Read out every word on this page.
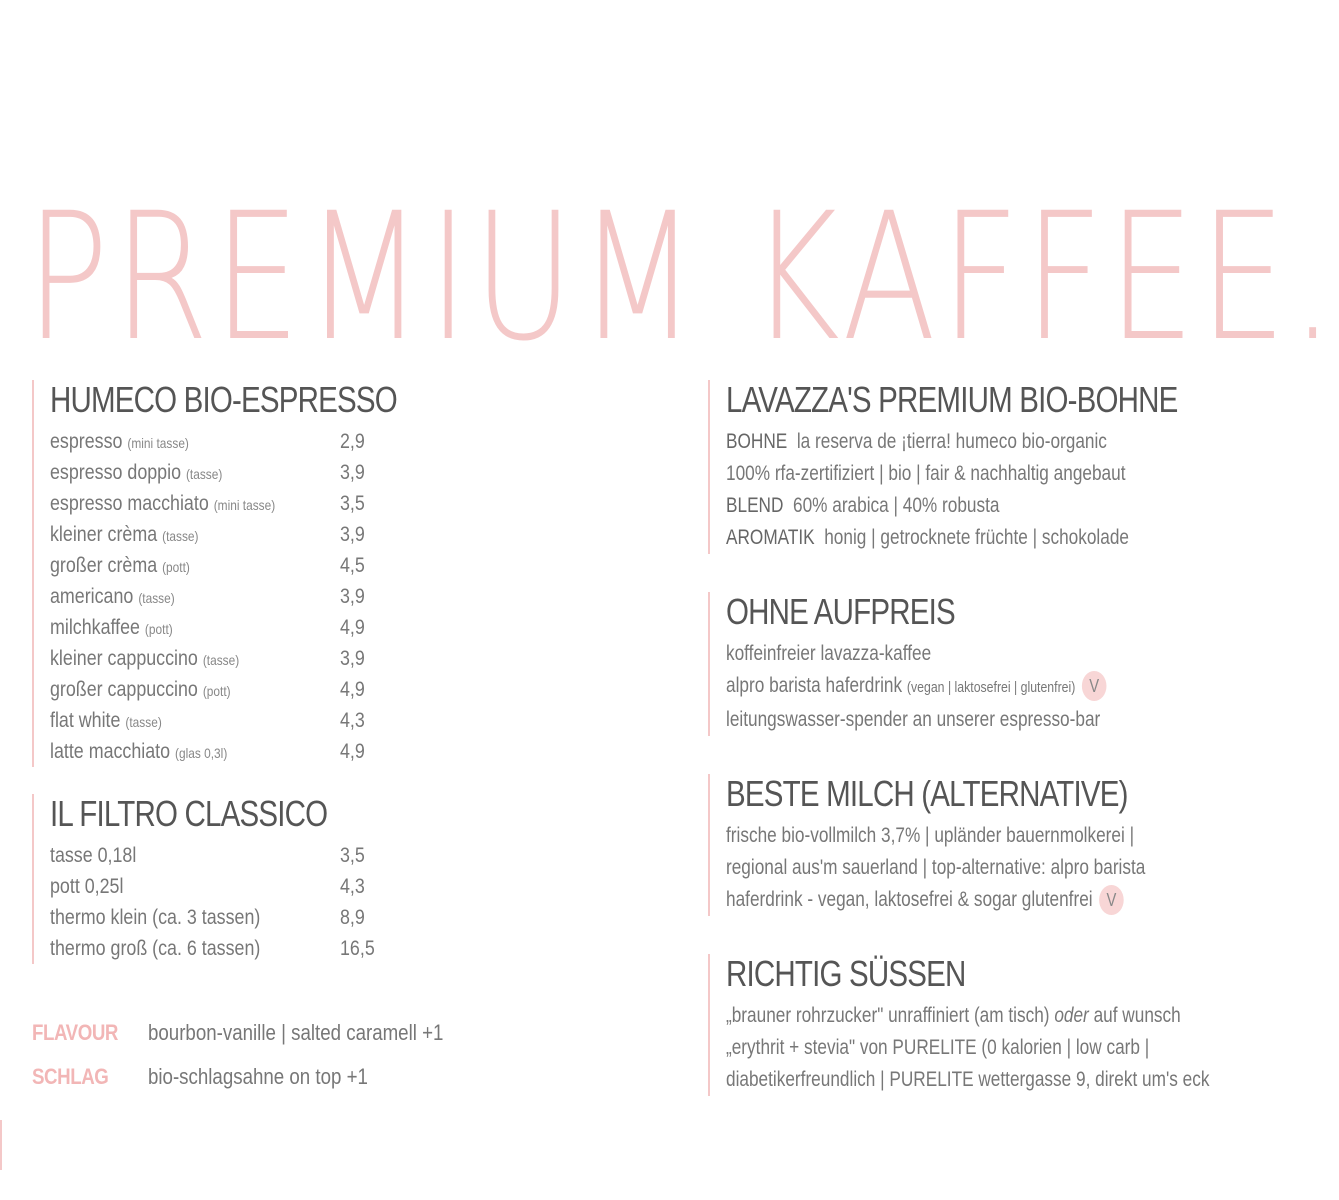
PREMIUM KAFFEE.
HUMECO BIO-ESPRESSO
espresso (mini tasse)	2,9
espresso doppio (tasse)	3,9
espresso macchiato (mini tasse)	3,5
kleiner crèma (tasse)	3,9
großer crèma (pott)	4,5
americano (tasse)	3,9
milchkaffee (pott)	4,9
kleiner cappuccino (tasse)	3,9
großer cappuccino (pott)	4,9
flat white (tasse)	4,3
latte macchiato (glas 0,3l)	4,9
IL FILTRO CLASSICO
tasse 0,18l	3,5
pott 0,25l	4,3
thermo klein (ca. 3 tassen)	8,9
thermo groß (ca. 6 tassen)	16,5
FLAVOUR bourbon-vanille | salted caramell +1
SCHLAG bio-schlagsahne on top +1
LAVAZZA'S PREMIUM BIO-BOHNE
BOHNE la reserva de ¡tierra! humeco bio-organic
100% rfa-zertifiziert | bio | fair & nachhaltig angebaut
BLEND 60% arabica | 40% robusta
AROMATIK honig | getrocknete früchte | schokolade
OHNE AUFPREIS
koffeinfreier lavazza-kaffee
alpro barista haferdrink (vegan | laktosefrei | glutenfrei) V
leitungswasser-spender an unserer espresso-bar
BESTE MILCH (ALTERNATIVE)
frische bio-vollmilch 3,7% | upländer bauernmolkerei |
regional aus'm sauerland | top-alternative: alpro barista
haferdrink - vegan, laktosefrei & sogar glutenfrei V
RICHTIG SÜSSEN
„brauner rohrzucker" unraffiniert (am tisch) oder auf wunsch
„erythrit + stevia" von PURELITE (0 kalorien | low carb |
diabetikerfreundlich | PURELITE wettergasse 9, direkt um's eck
